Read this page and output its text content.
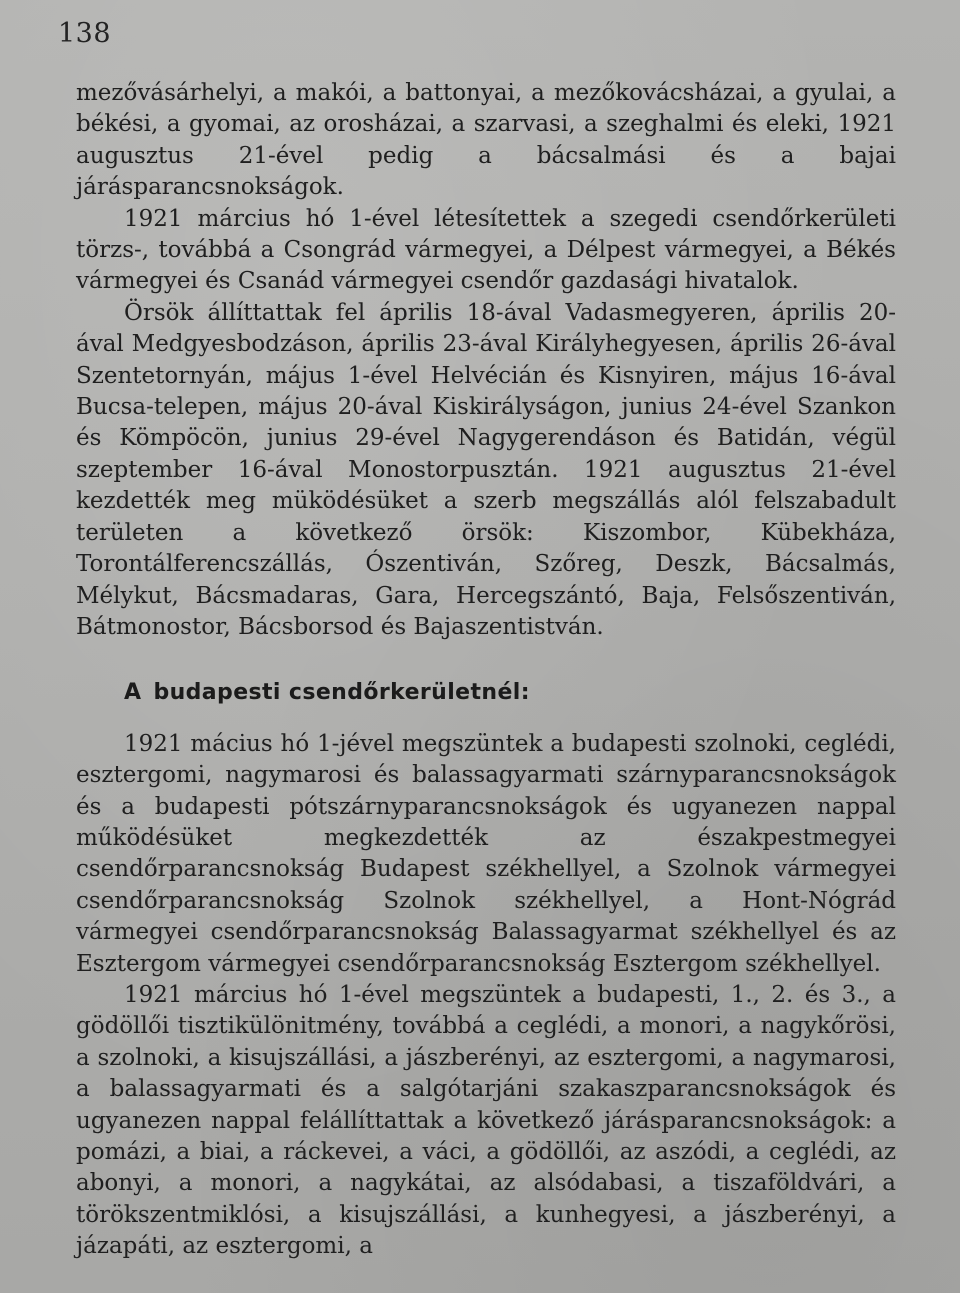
138

mezővásárhelyi, a makói, a battonyai, a mezőkovácsházai, a gyulai, a békési, a gyomai, az orosházai, a szarvasi, a szeghalmi és eleki, 1921 augusztus 21-ével pedig a bácsalmási és a bajai járásparancsnokságok.

1921 március hó 1-ével létesítettek a szegedi csendőrkerületi törzs-, továbbá a Csongrád vármegyei, a Délpest vármegyei, a Békés vármegyei és Csanád vármegyei csendőr gazdasági hivatalok.

Örsök állíttattak fel április 18-ával Vadasmegyeren, április 20-ával Medgyesbodzáson, április 23-ával Királyhegyesen, április 26-ával Szentetornyán, május 1-ével Helvécián és Kisnyiren, május 16-ával Bucsa-telepen, május 20-ával Kiskirályságon, junius 24-ével Szankon és Kömpöcön, junius 29-ével Nagygerendáson és Batidán, végül szeptember 16-ával Monostorpusztán. 1921 augusztus 21-ével kezdették meg müködésüket a szerb megszállás alól felszabadult területen a következő örsök: Kiszombor, Kübekháza, Torontálferencszállás, Ószentiván, Szőreg, Deszk, Bácsalmás, Mélykut, Bácsmadaras, Gara, Hercegszántó, Baja, Felsőszentiván, Bátmonostor, Bácsborsod és Bajaszentistván.

A budapesti csendőrkerületnél:

1921 mácius hó 1-jével megszüntek a budapesti szolnoki, ceglédi, esztergomi, nagymarosi és balassagyarmati szárnyparancsnokságok és a budapesti pótszárnyparancsnokságok és ugyanezen nappal működésüket megkezdették az északpestmegyei csendőrparancsnokság Budapest székhellyel, a Szolnok vármegyei csendőrparancsnokság Szolnok székhellyel, a Hont-Nógrád vármegyei csendőrparancsnokság Balassagyarmat székhellyel és az Esztergom vármegyei csendőrparancsnokság Esztergom székhellyel.

1921 március hó 1-ével megszüntek a budapesti, 1., 2. és 3., a gödöllői tisztikülönitmény, továbbá a ceglédi, a monori, a nagykőrösi, a szolnoki, a kisujszállási, a jászberényi, az esztergomi, a nagymarosi, a balassagyarmati és a salgótarjáni szakaszparancsnokságok és ugyanezen nappal felállíttattak a következő járásparancsnokságok: a pomázi, a biai, a ráckevei, a váci, a gödöllői, az aszódi, a ceglédi, az abonyi, a monori, a nagykátai, az alsódabasi, a tiszaföldvári, a törökszentmiklósi, a kisujszállási, a kunhegyesi, a jászberényi, a jázapáti, az esztergomi, a
